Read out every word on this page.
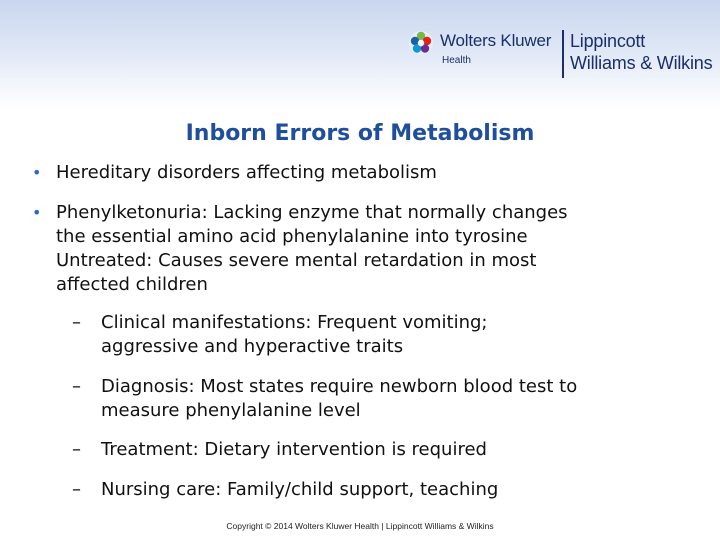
Wolters Kluwer
Health
Lippincott
Williams & Wilkins
Inborn Errors of Metabolism
• Hereditary disorders affecting metabolism
• Phenylketonuria: Lacking enzyme that normally changes
the essential amino acid phenylalanine into tyrosine
Untreated: Causes severe mental retardation in most
affected children
– Clinical manifestations: Frequent vomiting;
aggressive and hyperactive traits
– Diagnosis: Most states require newborn blood test to
measure phenylalanine level
– Treatment: Dietary intervention is required
– Nursing care: Family/child support, teaching
Copyright © 2014 Wolters Kluwer Health | Lippincott Williams & Wilkins
